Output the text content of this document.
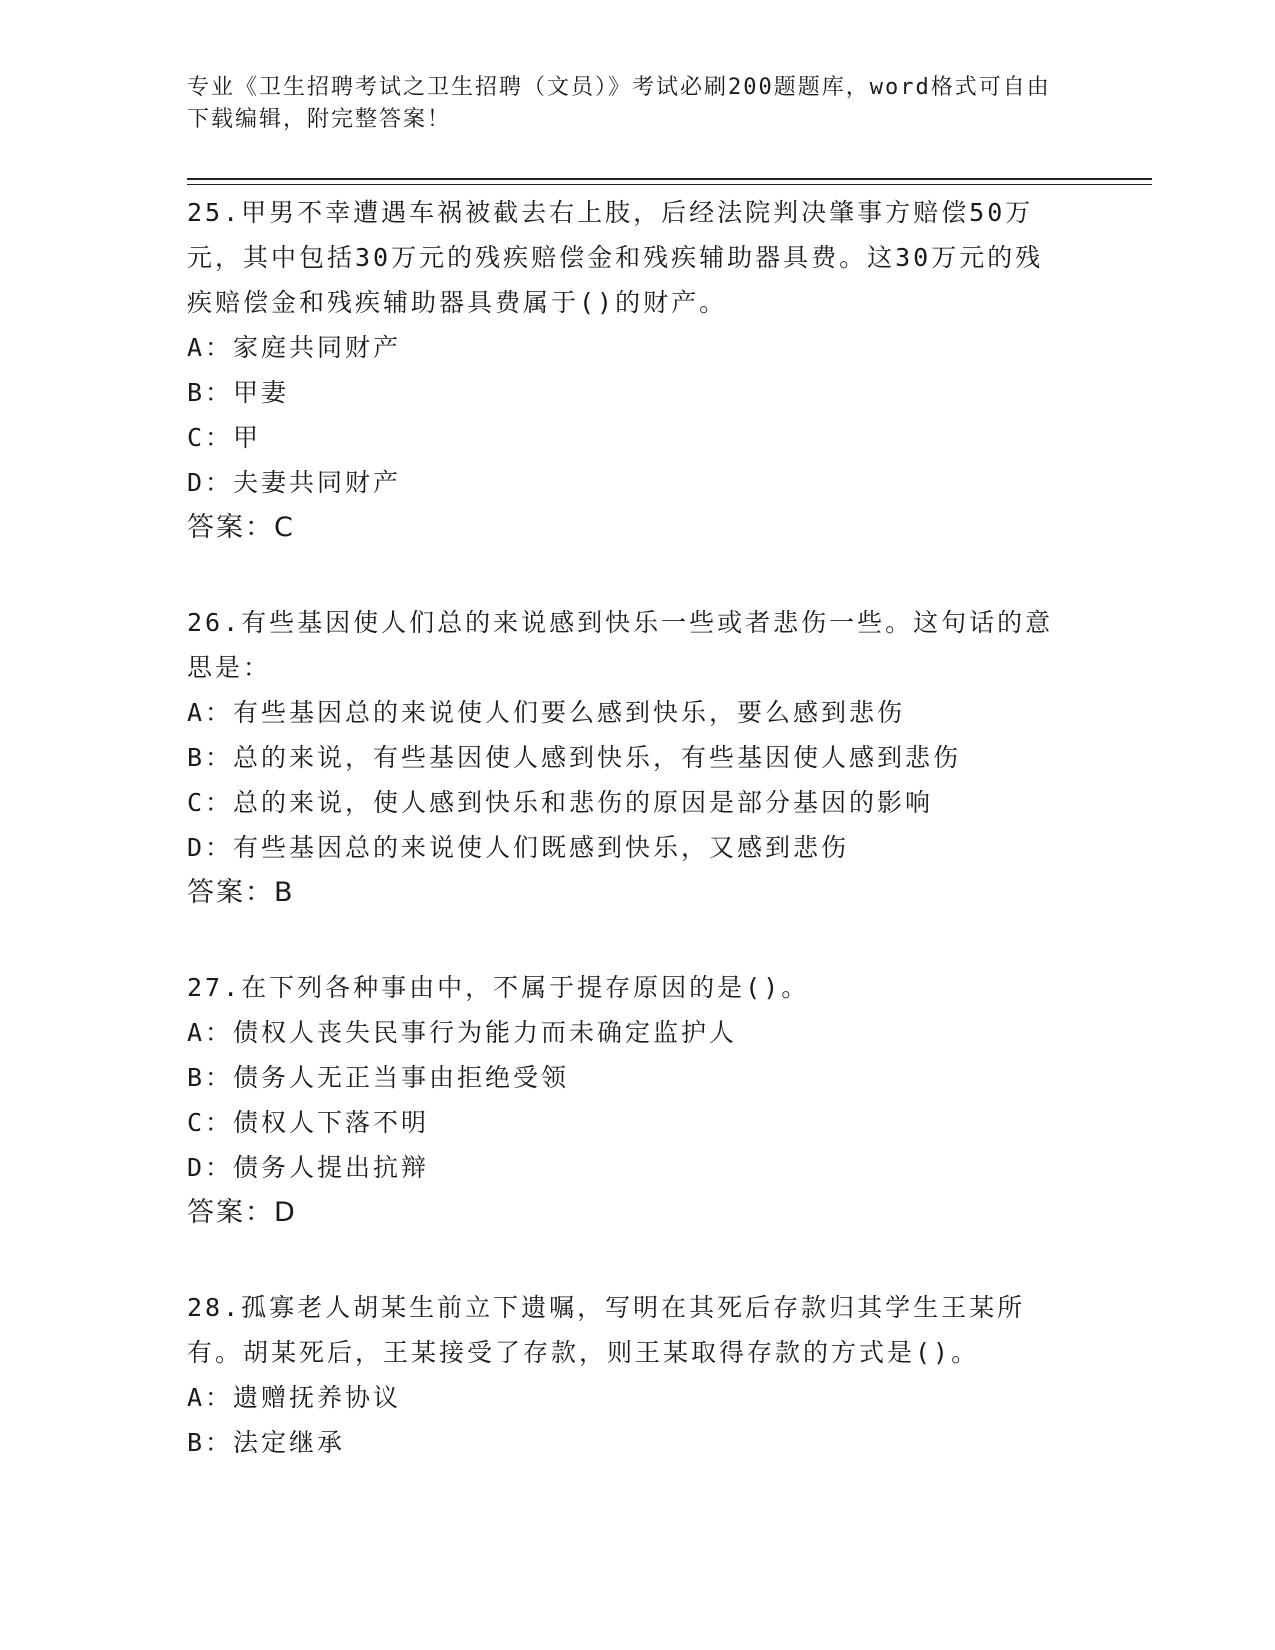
专业《卫生招聘考试之卫生招聘（文员）》考试必刷200题题库，word格式可自由下载编辑，附完整答案！

25.甲男不幸遭遇车祸被截去右上肢，后经法院判决肇事方赔偿50万元，其中包括30万元的残疾赔偿金和残疾辅助器具费。这30万元的残疾赔偿金和残疾辅助器具费属于()的财产。

A：家庭共同财产

B：甲妻

C：甲

D：夫妻共同财产

答案：C

26.有些基因使人们总的来说感到快乐一些或者悲伤一些。这句话的意思是：

A：有些基因总的来说使人们要么感到快乐，要么感到悲伤

B：总的来说，有些基因使人感到快乐，有些基因使人感到悲伤

C：总的来说，使人感到快乐和悲伤的原因是部分基因的影响

D：有些基因总的来说使人们既感到快乐，又感到悲伤

答案：B

27.在下列各种事由中，不属于提存原因的是()。

A：债权人丧失民事行为能力而未确定监护人

B：债务人无正当事由拒绝受领

C：债权人下落不明

D：债务人提出抗辩

答案：D

28.孤寡老人胡某生前立下遗嘱，写明在其死后存款归其学生王某所有。胡某死后，王某接受了存款，则王某取得存款的方式是()。

A：遗赠抚养协议

B：法定继承
